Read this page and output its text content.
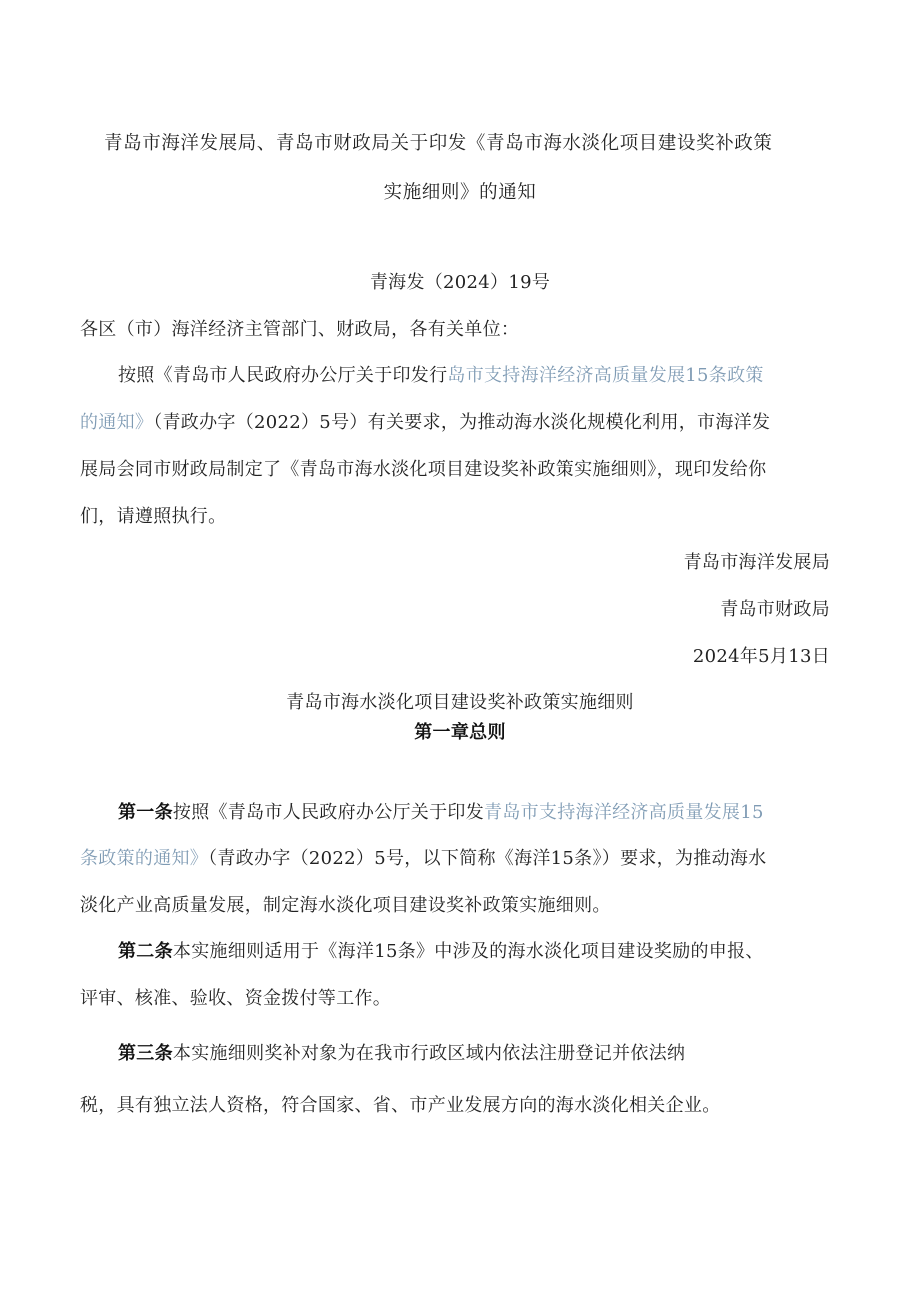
青岛市海洋发展局、青岛市财政局关于印发《青岛市海水淡化项目建设奖补政策
实施细则》的通知
青海发（2024）19号
各区（市）海洋经济主管部门、财政局，各有关单位：
按照《青岛市人民政府办公厅关于印发行岛市支持海洋经济高质量发展15条政策
的通知》（青政办字（2022）5号）有关要求，为推动海水淡化规模化利用，市海洋发
展局会同市财政局制定了《青岛市海水淡化项目建设奖补政策实施细则》，现印发给你
们，请遵照执行。
青岛市海洋发展局
青岛市财政局
2024年5月13日
青岛市海水淡化项目建设奖补政策实施细则
第一章总则
第一条按照《青岛市人民政府办公厅关于印发青岛市支持海洋经济高质量发展15
条政策的通知》（青政办字（2022）5号，以下简称《海洋15条》）要求，为推动海水
淡化产业高质量发展，制定海水淡化项目建设奖补政策实施细则。
第二条本实施细则适用于《海洋15条》中涉及的海水淡化项目建设奖励的申报、
评审、核准、验收、资金拨付等工作。
第三条本实施细则奖补对象为在我市行政区域内依法注册登记并依法纳
税，具有独立法人资格，符合国家、省、市产业发展方向的海水淡化相关企业。
